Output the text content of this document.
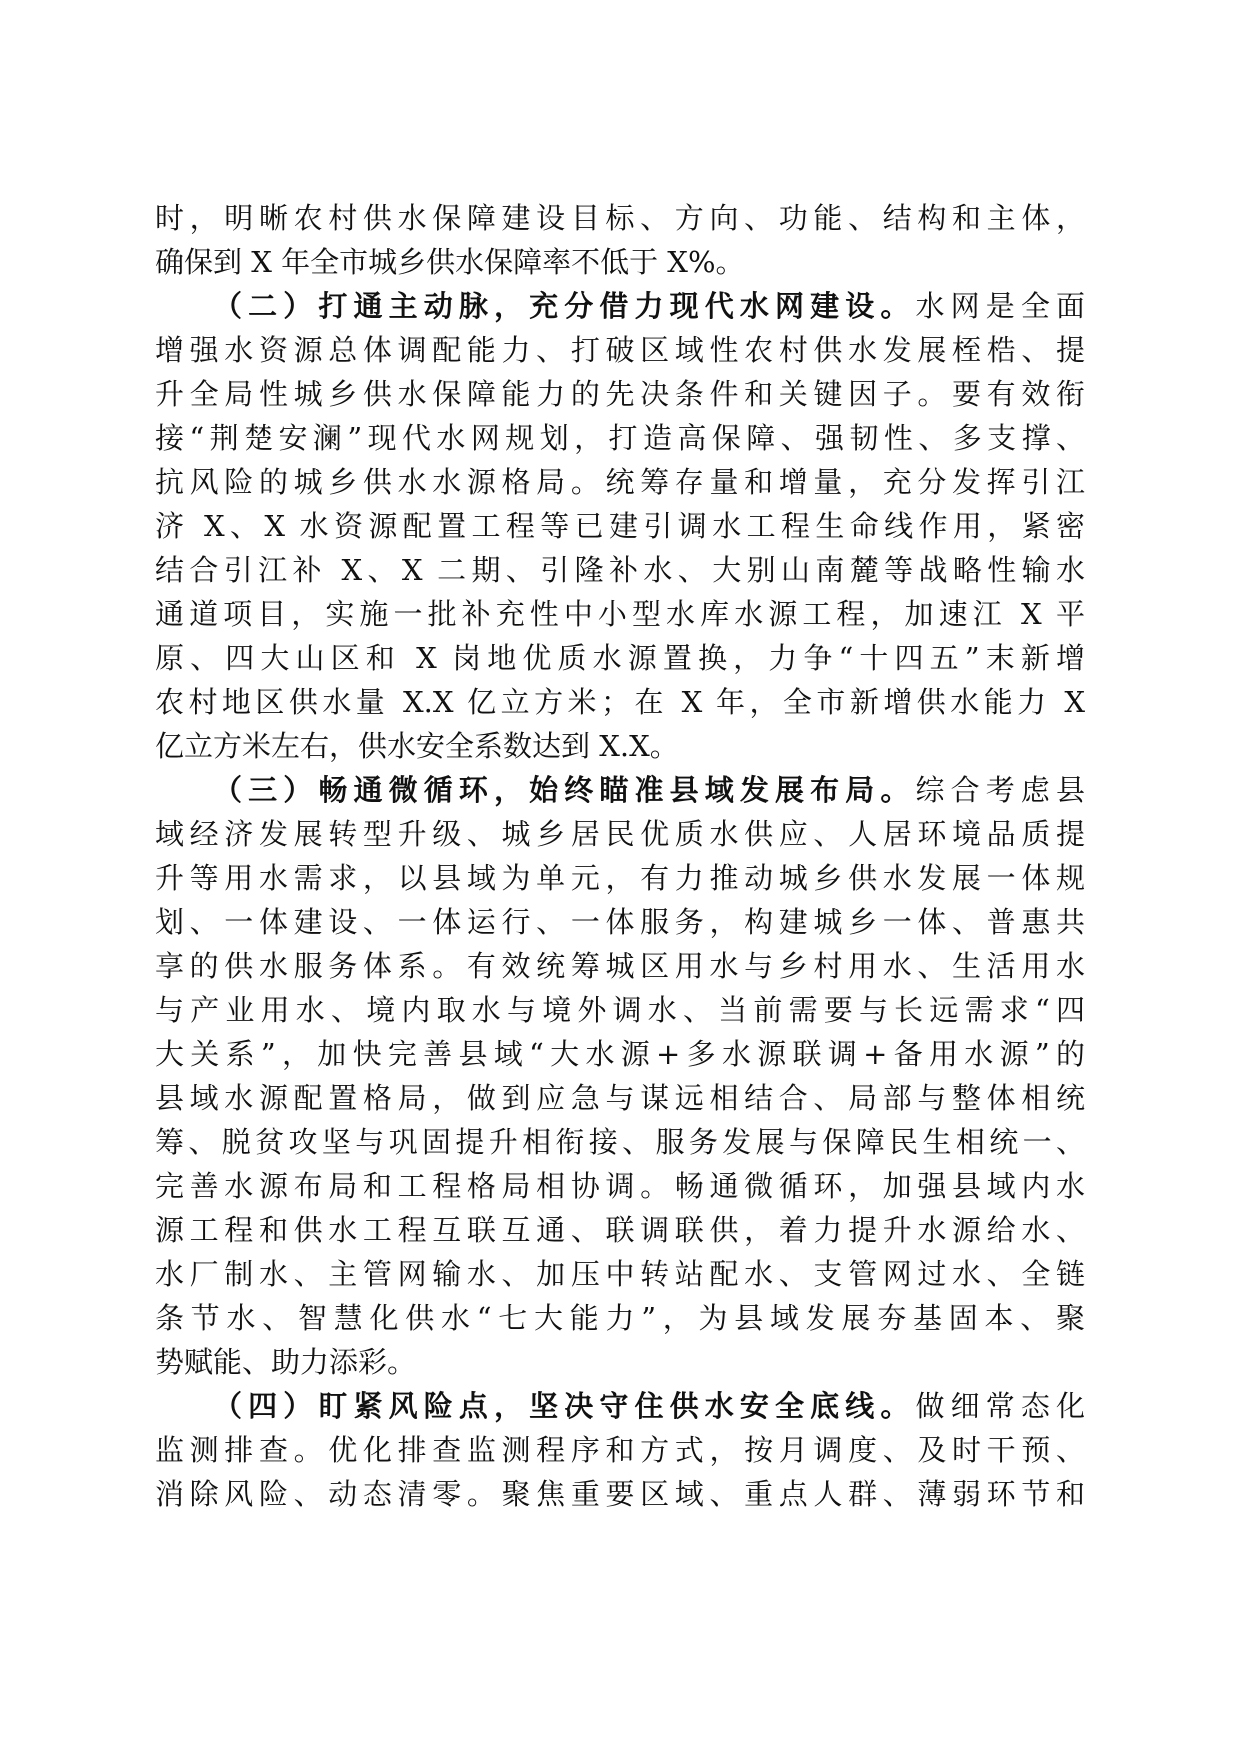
时，明晰农村供水保障建设目标、方向、功能、结构和主体，
确保到 X 年全市城乡供水保障率不低于 X%。
（二）打通主动脉，充分借力现代水网建设。水网是全面
增强水资源总体调配能力、打破区域性农村供水发展桎梏、提
升全局性城乡供水保障能力的先决条件和关键因子。要有效衔
接“荆楚安澜”现代水网规划，打造高保障、强韧性、多支撑、
抗风险的城乡供水水源格局。统筹存量和增量，充分发挥引江
济 X、X 水资源配置工程等已建引调水工程生命线作用，紧密
结合引江补 X、X 二期、引隆补水、大别山南麓等战略性输水
通道项目，实施一批补充性中小型水库水源工程，加速江 X 平
原、四大山区和 X 岗地优质水源置换，力争“十四五”末新增
农村地区供水量 X.X 亿立方米；在 X 年，全市新增供水能力 X
亿立方米左右，供水安全系数达到 X.X。
（三）畅通微循环，始终瞄准县域发展布局。综合考虑县
域经济发展转型升级、城乡居民优质水供应、人居环境品质提
升等用水需求，以县域为单元，有力推动城乡供水发展一体规
划、一体建设、一体运行、一体服务，构建城乡一体、普惠共
享的供水服务体系。有效统筹城区用水与乡村用水、生活用水
与产业用水、境内取水与境外调水、当前需要与长远需求“四
大关系”，加快完善县域“大水源+多水源联调+备用水源”的
县域水源配置格局，做到应急与谋远相结合、局部与整体相统
筹、脱贫攻坚与巩固提升相衔接、服务发展与保障民生相统一、
完善水源布局和工程格局相协调。畅通微循环，加强县域内水
源工程和供水工程互联互通、联调联供，着力提升水源给水、
水厂制水、主管网输水、加压中转站配水、支管网过水、全链
条节水、智慧化供水“七大能力”，为县域发展夯基固本、聚
势赋能、助力添彩。
（四）盯紧风险点，坚决守住供水安全底线。做细常态化
监测排查。优化排查监测程序和方式，按月调度、及时干预、
消除风险、动态清零。聚焦重要区域、重点人群、薄弱环节和
